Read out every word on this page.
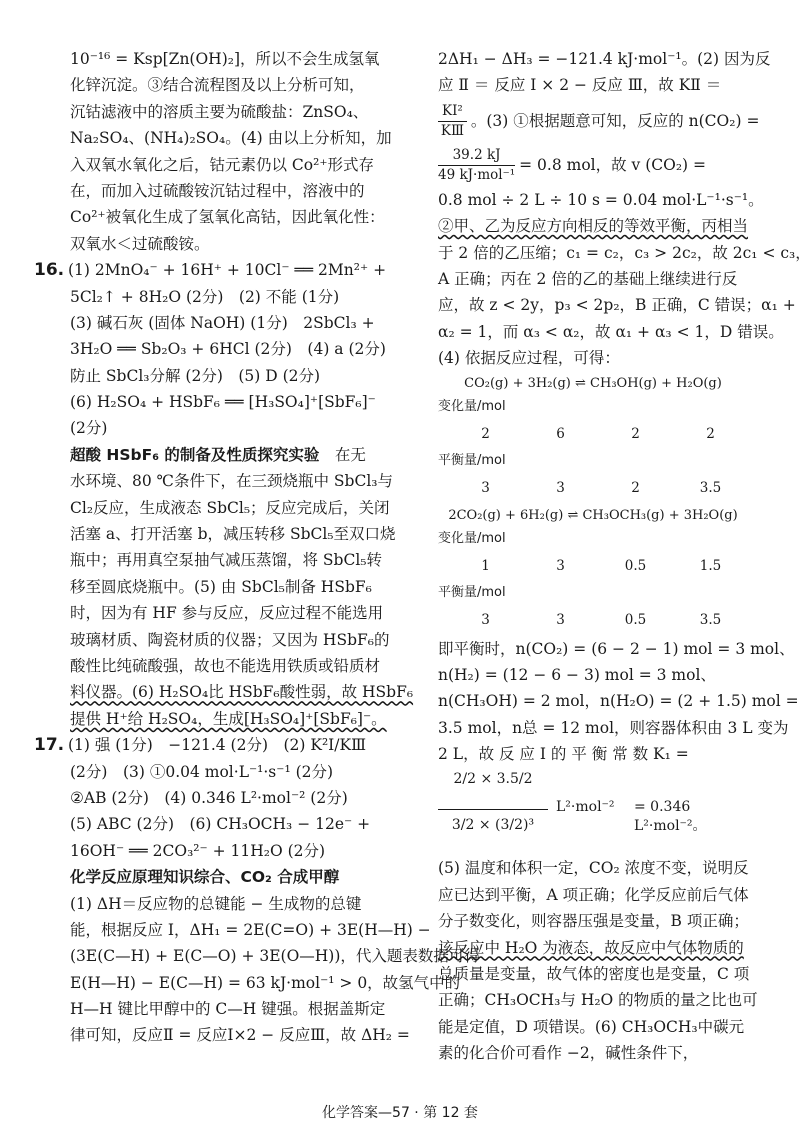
10⁻¹⁶ = Ksp[Zn(OH)₂]，所以不会生成氢氧
化锌沉淀。③结合流程图及以上分析可知，
沉钴滤液中的溶质主要为硫酸盐：ZnSO₄、
Na₂SO₄、(NH₄)₂SO₄。(4) 由以上分析知，加
入双氧水氧化之后，钴元素仍以 Co²⁺形式存
在，而加入过硫酸铵沉钴过程中，溶液中的
Co²⁺被氧化生成了氢氧化高钴，因此氧化性：
双氧水＜过硫酸铵。
16. (1) 2MnO₄⁻ + 16H⁺ + 10Cl⁻ ══ 2Mn²⁺ +
5Cl₂↑ + 8H₂O (2分)　(2) 不能 (1分)
(3) 碱石灰 (固体 NaOH) (1分)　2SbCl₃ +
3H₂O ══ Sb₂O₃ + 6HCl (2分)　(4) a (2分)
防止 SbCl₃分解 (2分)　(5) D (2分)
(6) H₂SO₄ + HSbF₆ ══ [H₃SO₄]⁺[SbF₆]⁻
(2分)
超酸 HSbF₆ 的制备及性质探究实验　 在无
水环境、80 ℃条件下，在三颈烧瓶中 SbCl₃与
Cl₂反应，生成液态 SbCl₅；反应完成后，关闭
活塞 a、打开活塞 b，减压转移 SbCl₅至双口烧
瓶中；再用真空泵抽气减压蒸馏，将 SbCl₅转
移至圆底烧瓶中。(5) 由 SbCl₅制备 HSbF₆
时，因为有 HF 参与反应，反应过程不能选用
玻璃材质、陶瓷材质的仪器；又因为 HSbF₆的
酸性比纯硫酸强，故也不能选用铁质或铅质材
料仪器。(6) H₂SO₄比 HSbF₆酸性弱，故 HSbF₆
提供 H⁺给 H₂SO₄，生成[H₃SO₄]⁺[SbF₆]⁻。
17. (1) 强 (1分)　−121.4 (2分)　(2) K²Ⅰ/KⅢ
(2分)　(3) ①0.04 mol·L⁻¹·s⁻¹ (2分)
②AB (2分)　(4) 0.346 L²·mol⁻² (2分)
(5) ABC (2分)　(6) CH₃OCH₃ − 12e⁻ +
16OH⁻ ══ 2CO₃²⁻ + 11H₂O (2分)
化学反应原理知识综合、CO₂ 合成甲醇
(1) ΔH＝反应物的总键能 − 生成物的总键
能，根据反应 Ⅰ，ΔH₁ = 2E(C=O) + 3E(H—H) −
(3E(C—H) + E(C—O) + 3E(O—H))，代入题表数据可得
E(H—H) − E(C—H) = 63 kJ·mol⁻¹ > 0，故氢气中的
H—H 键比甲醇中的 C—H 键强。根据盖斯定
律可知，反应Ⅱ = 反应Ⅰ×2 − 反应Ⅲ，故 ΔH₂ =
2ΔH₁ − ΔH₃ = −121.4 kJ·mol⁻¹。(2) 因为反
应 Ⅱ ＝ 反应 Ⅰ × 2 − 反应 Ⅲ，故 KⅡ ＝
$\frac{\text{KⅠ²}}{\text{KⅢ}}$ 。(3) ①根据题意可知，反应的 n(CO₂) =
$\frac{39.2 kJ}{\text{49 kJ·mol⁻¹}} = 0.8$ mol，故 v (CO₂) =
0.8 mol ÷ 2 L ÷ 10 s = 0.04 mol·L⁻¹·s⁻¹。
②甲、乙为反应方向相反的等效平衡，丙相当
于 2 倍的乙压缩；c₁ = c₂，c₃ > 2c₂，故 2c₁ < c₃，
A 正确；丙在 2 倍的乙的基础上继续进行反
应，故 z < 2y，p₃ < 2p₂，B 正确，C 错误；α₁ +
α₂ = 1，而 α₃ < α₂，故 α₁ + α₃ < 1，D 错误。
(4) 依据反应过程，可得：
CO₂(g) + 3H₂(g) ⇌ CH₃OH(g) + H₂O(g)
变化量/mol
2	6	2	2
平衡量/mol
3	3	2	3.5
2CO₂(g) + 6H₂(g) ⇌ CH₃OCH₃(g) + 3H₂O(g)
变化量/mol
1	3	0.5	1.5
平衡量/mol
3	3	0.5	3.5
即平衡时，n(CO₂) = (6 − 2 − 1) mol = 3 mol、
n(H₂) = (12 − 6 − 3) mol = 3 mol、
n(CH₃OH) = 2 mol，n(H₂O) = (2 + 1.5) mol =
3.5 mol，n总 = 12 mol，则容器体积由 3 L 变为
2 L，故 反 应 Ⅰ 的 平 衡 常 数 K₁ =
2/2 × 3.5/2
3/2 × (3/2)³
L²·mol⁻² = 0.346 L²·mol⁻²。
(5) 温度和体积一定，CO₂ 浓度不变，说明反
应已达到平衡，A 项正确；化学反应前后气体
分子数变化，则容器压强是变量，B 项正确；
该反应中 H₂O 为液态，故反应中气体物质的
总质量是变量，故气体的密度也是变量，C 项
正确；CH₃OCH₃与 H₂O 的物质的量之比也可
能是定值，D 项错误。(6) CH₃OCH₃中碳元
素的化合价可看作 −2，碱性条件下，
化学答案—57 · 第 12 套
